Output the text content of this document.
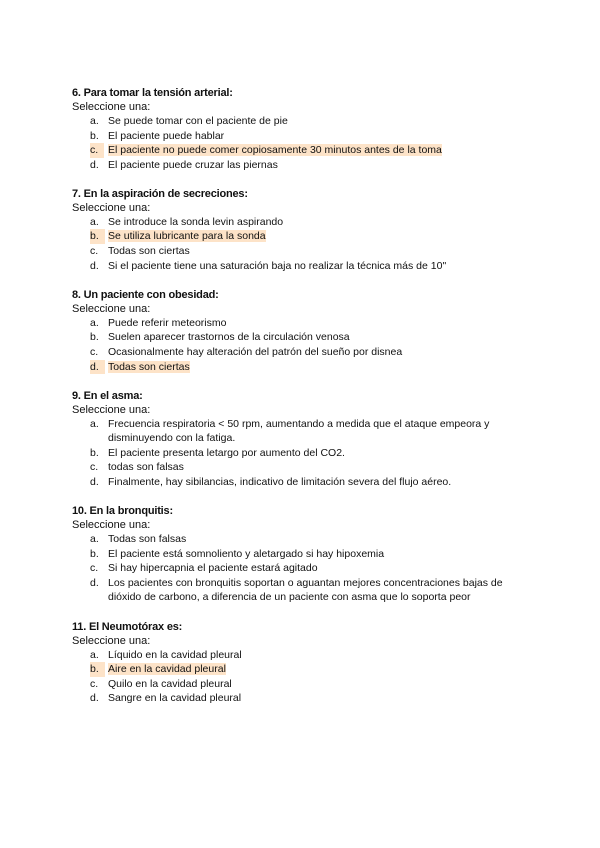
6. Para tomar la tensión arterial:
Seleccione una:
a. Se puede tomar con el paciente de pie
b. El paciente puede hablar
c. El paciente no puede comer copiosamente 30 minutos antes de la toma
d. El paciente puede cruzar las piernas
7. En la aspiración de secreciones:
Seleccione una:
a. Se introduce la sonda levin aspirando
b. Se utiliza lubricante para la sonda
c. Todas son ciertas
d. Si el paciente tiene una saturación baja no realizar la técnica más de 10"
8. Un paciente con obesidad:
Seleccione una:
a. Puede referir meteorismo
b. Suelen aparecer trastornos de la circulación venosa
c. Ocasionalmente hay alteración del patrón del sueño por disnea
d. Todas son ciertas
9. En el asma:
Seleccione una:
a. Frecuencia respiratoria < 50 rpm, aumentando a medida que el ataque empeora y disminuyendo con la fatiga.
b. El paciente presenta letargo por aumento del CO2.
c. todas son falsas
d. Finalmente, hay sibilancias, indicativo de limitación severa del flujo aéreo.
10. En la bronquitis:
Seleccione una:
a. Todas son falsas
b. El paciente está somnoliento y aletargado si hay hipoxemia
c. Si hay hipercapnia el paciente estará agitado
d. Los pacientes con bronquitis soportan o aguantan mejores concentraciones bajas de dióxido de carbono, a diferencia de un paciente con asma que lo soporta peor
11. El Neumotórax es:
Seleccione una:
a. Líquido en la cavidad pleural
b. Aire en la cavidad pleural
c. Quilo en la cavidad pleural
d. Sangre en la cavidad pleural
